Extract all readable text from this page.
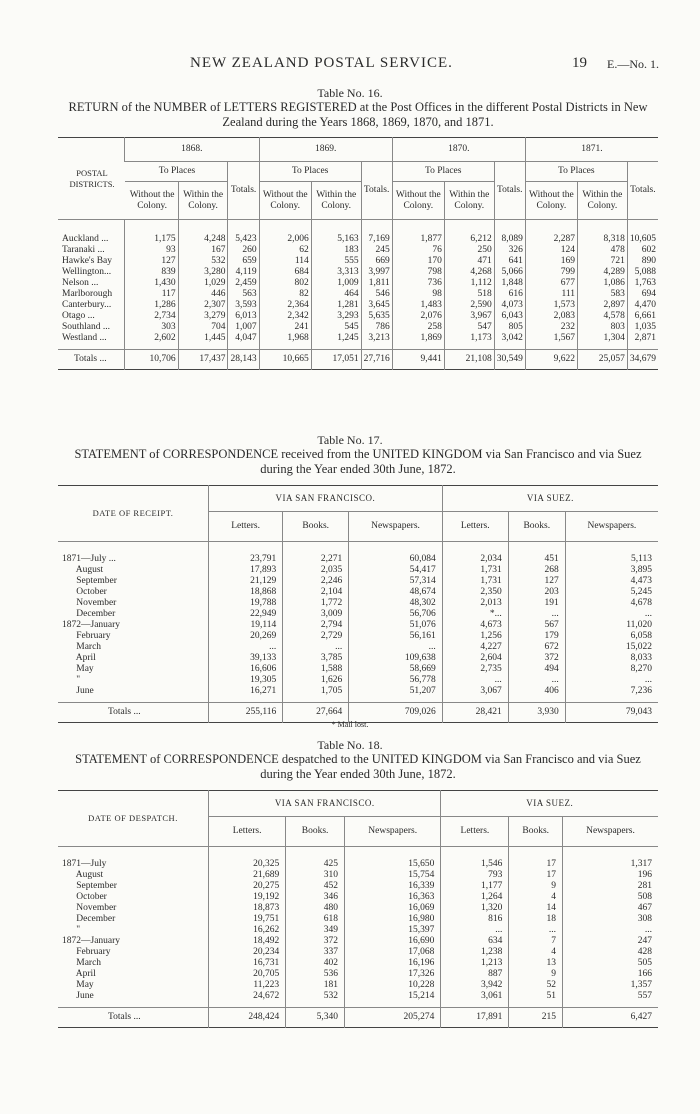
NEW ZEALAND POSTAL SERVICE.	19 E.—No. 1.
Table No. 16.
RETURN of the NUMBER of LETTERS REGISTERED at the Post Offices in the different Postal Districts in New Zealand during the Years 1868, 1869, 1870, and 1871.
POSTAL DISTRICTS.	1868.			1869.			1870.			1871.		
	To Places		Totals.	To Places		Totals.	To Places		Totals.	To Places		Totals.
	Without the Colony.	Within the Colony.		Without the Colony.	Within the Colony.		Without the Colony.	Within the Colony.		Without the Colony.	Within the Colony.	

Auckland ...	1,175	4,248	5,423	2,006	5,163	7,169	1,877	6,212	8,089	2,287	8,318	10,605
Taranaki ...	93	167	260	62	183	245	76	250	326	124	478	602
Hawke's Bay	127	532	659	114	555	669	170	471	641	169	721	890
Wellington...	839	3,280	4,119	684	3,313	3,997	798	4,268	5,066	799	4,289	5,088
Nelson ...	1,430	1,029	2,459	802	1,009	1,811	736	1,112	1,848	677	1,086	1,763
Marlborough	117	446	563	82	464	546	98	518	616	111	583	694
Canterbury...	1,286	2,307	3,593	2,364	1,281	3,645	1,483	2,590	4,073	1,573	2,897	4,470
Otago ...	2,734	3,279	6,013	2,342	3,293	5,635	2,076	3,967	6,043	2,083	4,578	6,661
Southland ...	303	704	1,007	241	545	786	258	547	805	232	803	1,035
Westland ...	2,602	1,445	4,047	1,968	1,245	3,213	1,869	1,173	3,042	1,567	1,304	2,871

Totals ...	10,706	17,437	28,143	10,665	17,051	27,716	9,441	21,108	30,549	9,622	25,057	34,679
Table No. 17.
STATEMENT of CORRESPONDENCE received from the UNITED KINGDOM via San Francisco and via Suez during the Year ended 30th June, 1872.
DATE OF RECEIPT.	VIA SAN FRANCISCO.			VIA SUEZ.		
	Letters.	Books.	Newspapers.	Letters.	Books.	Newspapers.

1871—July ...	23,791	2,271	60,084	2,034	451	5,113
August	17,893	2,035	54,417	1,731	268	3,895
September	21,129	2,246	57,314	1,731	127	4,473
October	18,868	2,104	48,674	2,350	203	5,245
November	19,788	1,772	48,302	2,013	191	4,678
December	22,949	3,009	56,706	*...	...	...
1872—January	19,114	2,794	51,076	4,673	567	11,020
February	20,269	2,729	56,161	1,256	179	6,058
March	...	...	...	4,227	672	15,022
April	39,133	3,785	109,638	2,604	372	8,033
May	16,606	1,588	58,669	2,735	494	8,270
"	19,305	1,626	56,778	...	...	...
June	16,271	1,705	51,207	3,067	406	7,236

Totals ...	255,116	27,664	709,026	28,421	3,930	79,043
* Mail lost.
Table No. 18.
STATEMENT of CORRESPONDENCE despatched to the UNITED KINGDOM via San Francisco and via Suez during the Year ended 30th June, 1872.
DATE OF DESPATCH.	VIA SAN FRANCISCO.			VIA SUEZ.		
	Letters.	Books.	Newspapers.	Letters.	Books.	Newspapers.

1871—July	20,325	425	15,650	1,546	17	1,317
August	21,689	310	15,754	793	17	196
September	20,275	452	16,339	1,177	9	281
October	19,192	346	16,363	1,264	4	508
November	18,873	480	16,069	1,320	14	467
December	19,751	618	16,980	816	18	308
"	16,262	349	15,397	...	...	...
1872—January	18,492	372	16,690	634	7	247
February	20,234	337	17,068	1,238	4	428
March	16,731	402	16,196	1,213	13	505
April	20,705	536	17,326	887	9	166
May	11,223	181	10,228	3,942	52	1,357
June	24,672	532	15,214	3,061	51	557

Totals ...	248,424	5,340	205,274	17,891	215	6,427
